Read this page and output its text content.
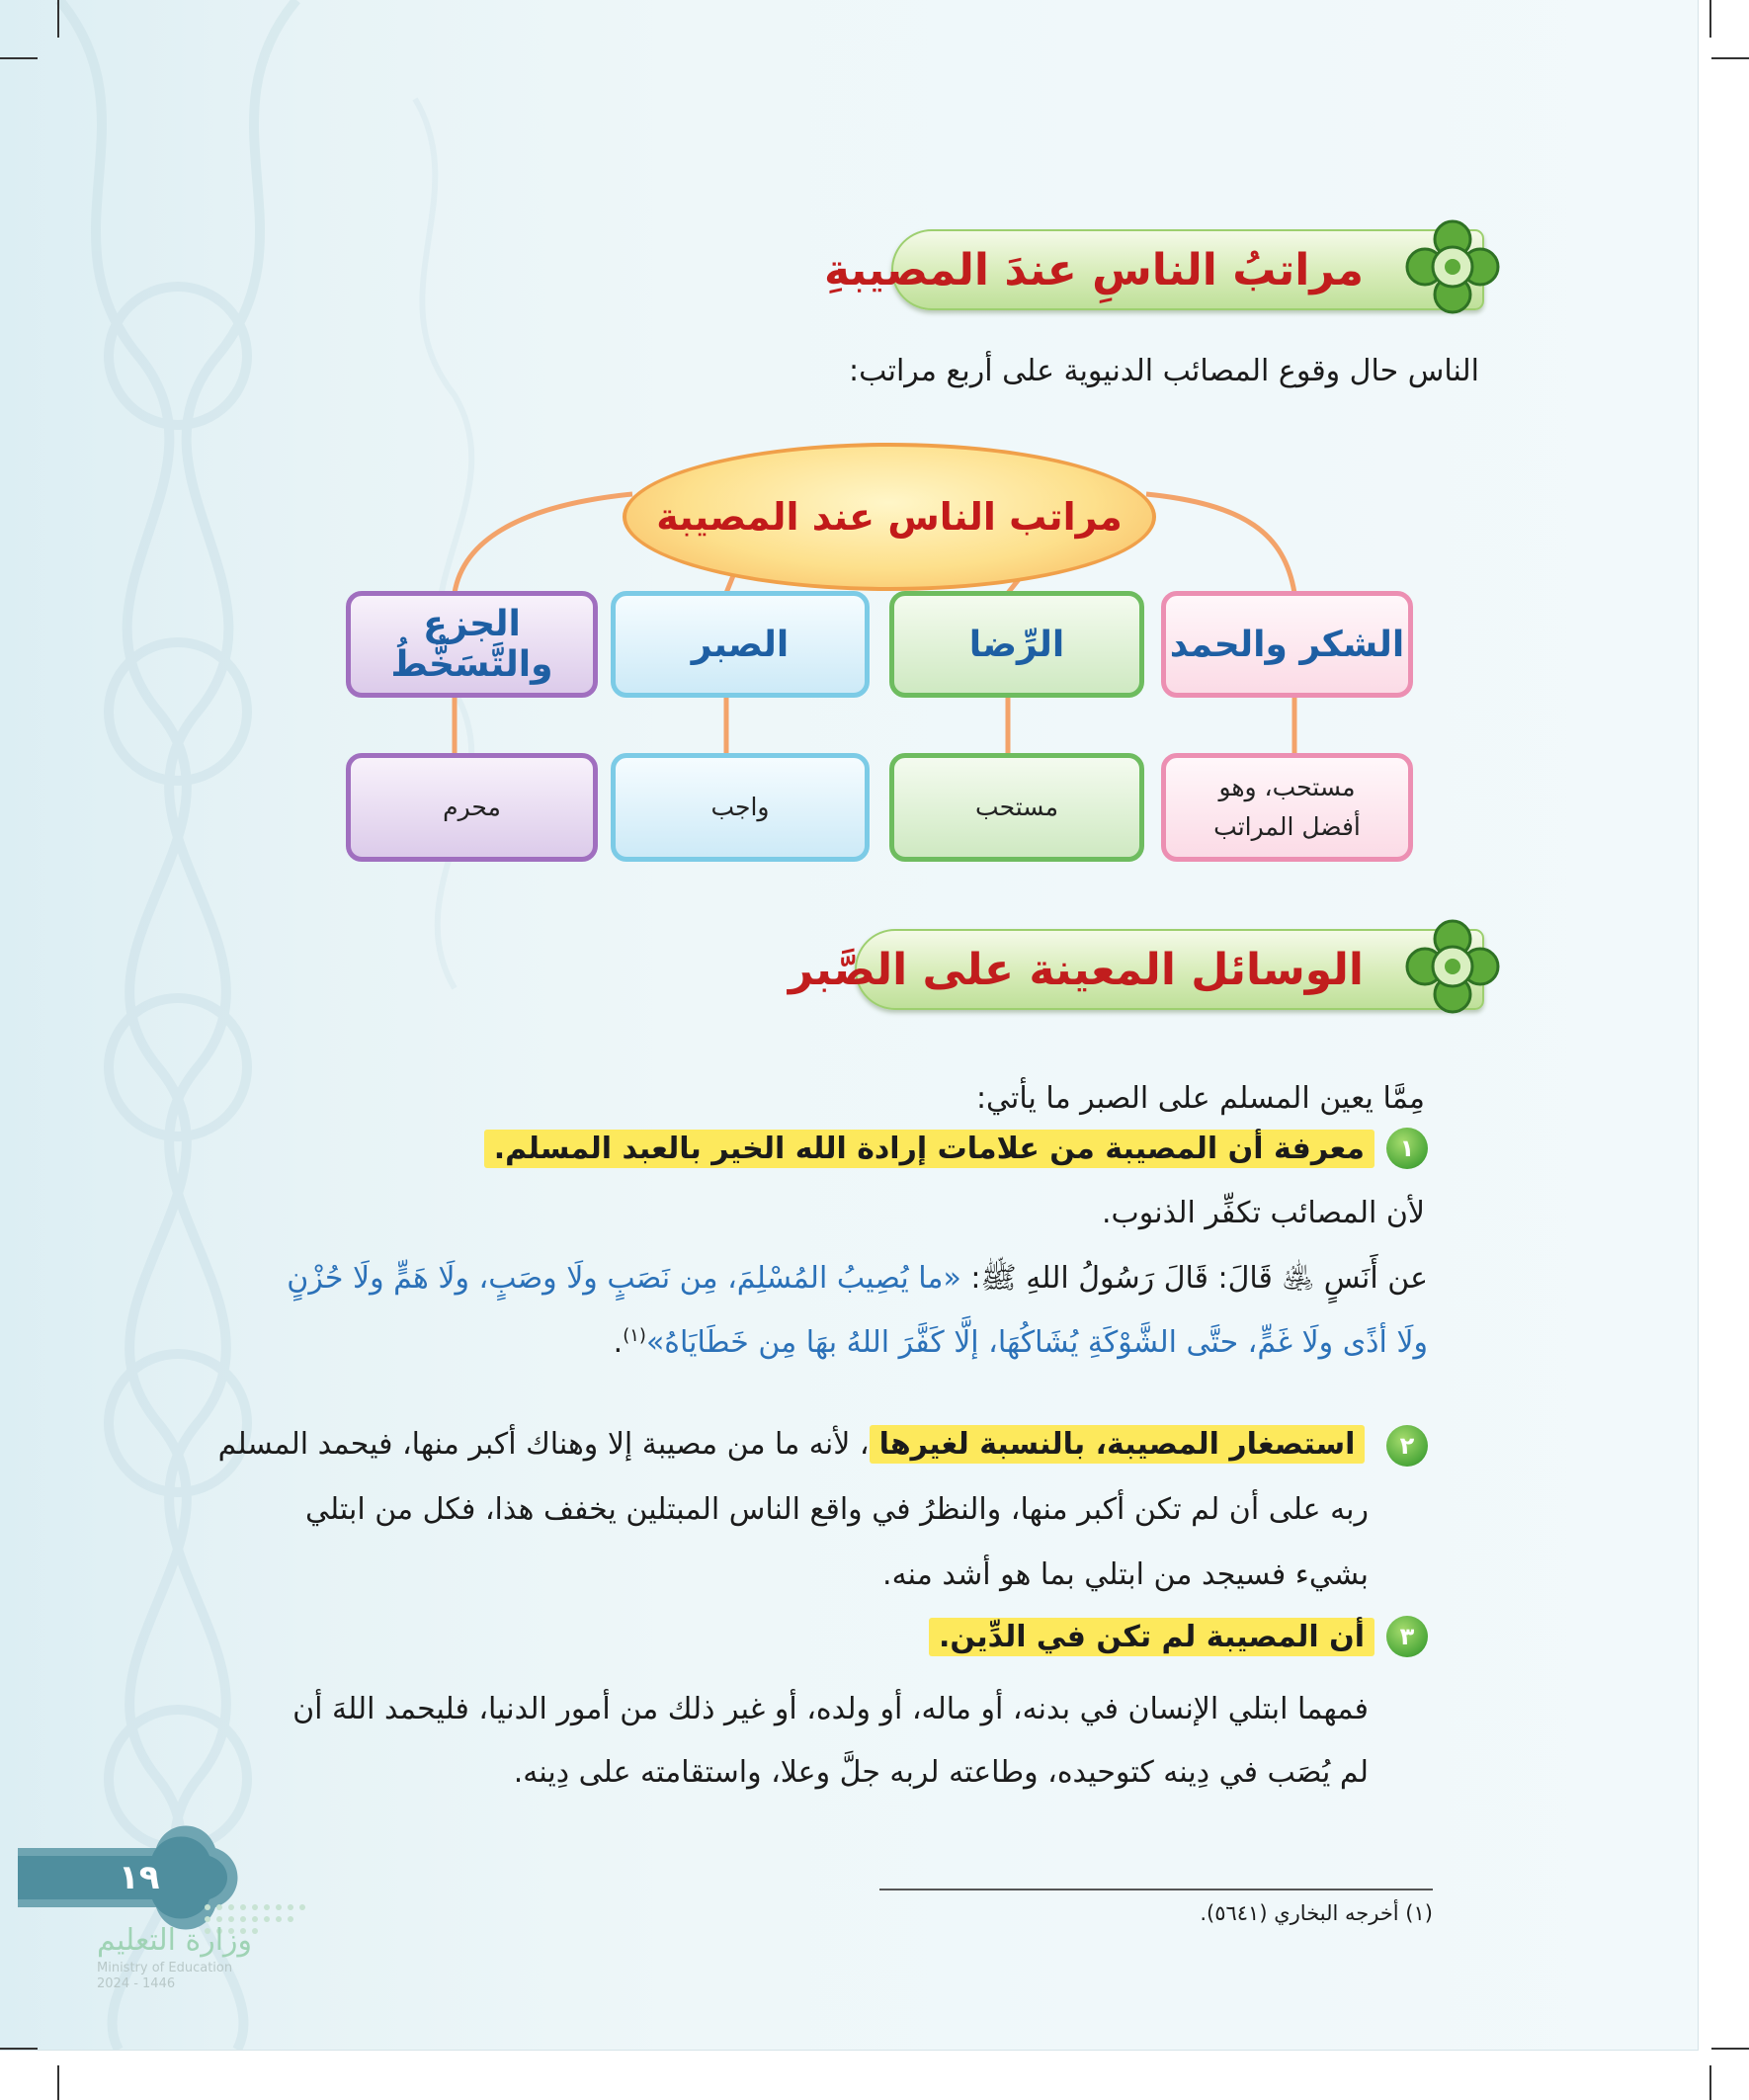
مراتبُ الناسِ عندَ المصيبةِ
الناس حال وقوع المصائب الدنيوية على أربع مراتب:
مراتب الناس عند المصيبة
الشكر والحمد
الرِّضا
الصبر
الجزع والتَّسَخُّطُ
مستحب، وهو
أفضل المراتب
مستحب
واجب
محرم
الوسائل المعينة على الصَّبر
مِمَّا يعين المسلم على الصبر ما يأتي:
١
معرفة أن المصيبة من علامات إرادة الله الخير بالعبد المسلم.
لأن المصائب تكفِّر الذنوب.
عن أَنَسٍ ﵁ قَالَ: قَالَ رَسُولُ اللهِ ﷺ: «ما يُصِيبُ المُسْلِمَ، مِن نَصَبٍ ولَا وصَبٍ، ولَا هَمٍّ ولَا حُزْنٍ
ولَا أذًى ولَا غَمٍّ، حتَّى الشَّوْكَةِ يُشَاكُهَا، إلَّا كَفَّرَ اللهُ بهَا مِن خَطَايَاهُ»$^{(١)}$.
٢ استصغار المصيبة، بالنسبة لغيرها، لأنه ما من مصيبة إلا وهناك أكبر منها، فيحمد المسلم
ربه على أن لم تكن أكبر منها، والنظرُ في واقع الناس المبتلين يخفف هذا، فكل من ابتلي
بشيء فسيجد من ابتلي بما هو أشد منه.
٣
أن المصيبة لم تكن في الدِّين.
فمهما ابتلي الإنسان في بدنه، أو ماله، أو ولده، أو غير ذلك من أمور الدنيا، فليحمد اللهَ أن
لم يُصَب في دِينه كتوحيده، وطاعته لربه جلَّ وعلا، واستقامته على دِينه.
(١) أخرجه البخاري (٥٦٤١).
١٩
وزارة التعليم
Ministry of Education
2024 - 1446
